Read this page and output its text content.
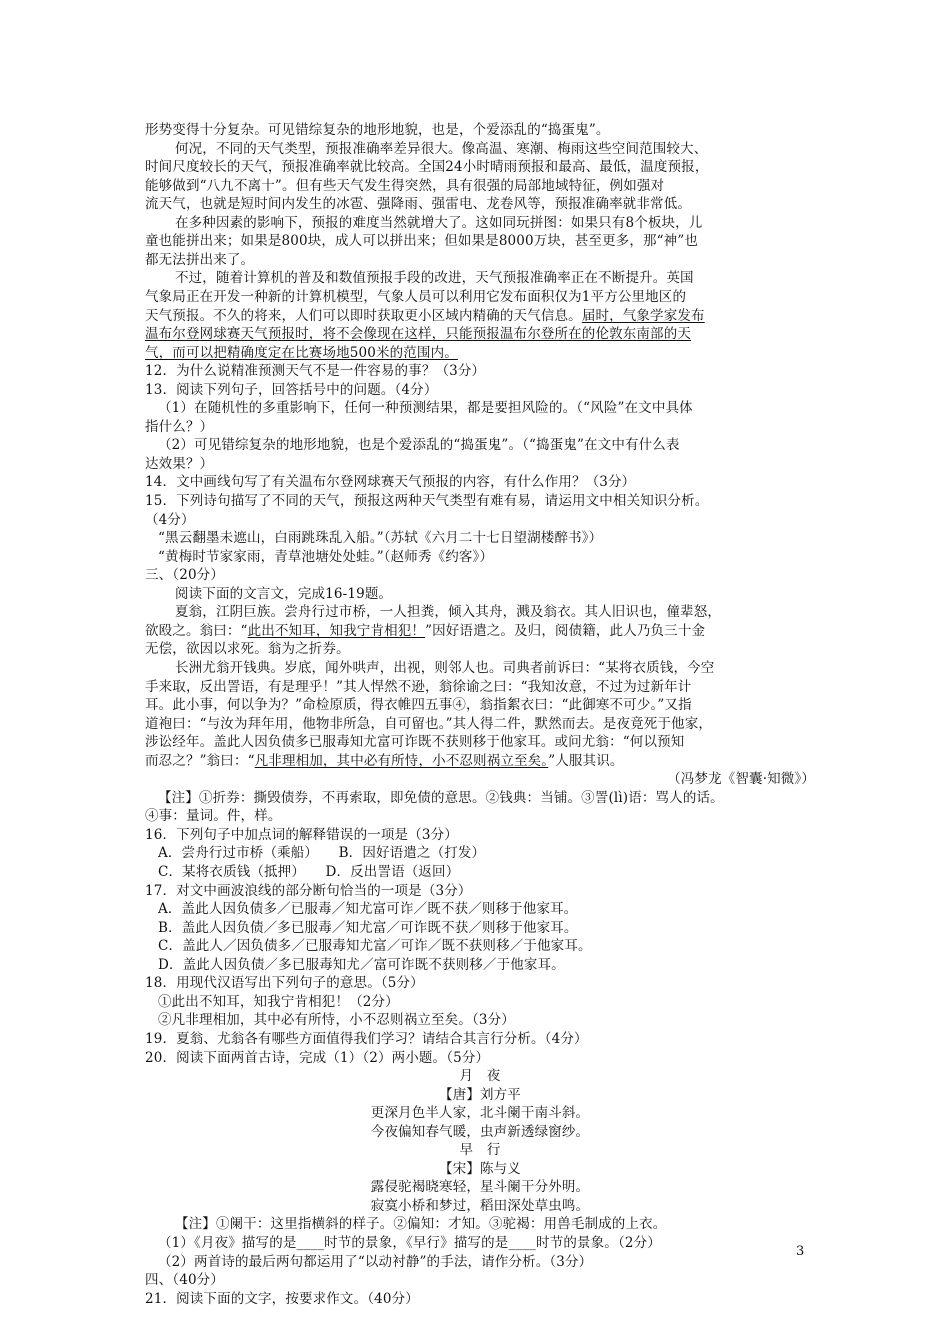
形势变得十分复杂。可见错综复杂的地形地貌，也是，个爱添乱的“捣蛋鬼”。
何况，不同的天气类型，预报准确率差异很大。像高温、寒潮、梅雨这些空间范围较大、
时间尺度较长的天气，预报准确率就比较高。全国24小时晴雨预报和最高、最低，温度预报，
能够做到“八九不离十”。但有些天气发生得突然，具有很强的局部地域特征，例如强对
流天气，也就是短时间内发生的冰雹、强降雨、强雷电、龙卷风等，预报准确率就非常低。
在多种因素的影响下，预报的难度当然就增大了。这如同玩拼图：如果只有8个板块，儿
童也能拼出来；如果是800块，成人可以拼出来；但如果是8000万块，甚至更多，那“神”也
都无法拼出来了。
不过，随着计算机的普及和数值预报手段的改进，天气预报准确率正在不断提升。英国
气象局正在开发一种新的计算机模型，气象人员可以利用它发布面积仅为1平方公里地区的
天气预报。不久的将来，人们可以即时获取更小区域内精确的天气信息。届时，气象学家发布
温布尔登网球赛天气预报时，将不会像现在这样，只能预报温布尔登所在的伦敦东南部的天
气，而可以把精确度定在比赛场地500米的范围内。
12．为什么说精准预测天气不是一件容易的事？（3分）
13．阅读下列句子，回答括号中的问题。（4分）
（1）在随机性的多重影响下，任何一种预测结果，都是要担风险的。（“风险”在文中具体
指什么？）
（2）可见错综复杂的地形地貌，也是个爱添乱的“捣蛋鬼”。（“捣蛋鬼”在文中有什么表
达效果？）
14．文中画线句写了有关温布尔登网球赛天气预报的内容，有什么作用？（3分）
15．下列诗句描写了不同的天气，预报这两种天气类型有难有易，请运用文中相关知识分析。
（4分）
“黑云翻墨未遮山，白雨跳珠乱入船。”（苏轼《六月二十七日望湖楼醉书》）
“黄梅时节家家雨，青草池塘处处蛙。”（赵师秀《约客》）
三、（20分）
阅读下面的文言文，完成16-19题。
夏翁，江阴巨族。尝舟行过市桥，一人担粪，倾入其舟，溅及翁衣。其人旧识也，僮辈怒，
欲殴之。翁曰：“此出不知耳，知我宁肯相犯！”因好语遣之。及归，阅债籍，此人乃负三十金
无偿，欲因以求死。翁为之折券。
长洲尤翁开钱典。岁底，闻外哄声，出视，则邻人也。司典者前诉曰：“某将衣质钱，今空
手来取，反出詈语，有是理乎！”其人悍然不逊，翁徐谕之曰：“我知汝意，不过为过新年计
耳。此小事，何以争为？”命检原质，得衣帷四五事④，翁指絮衣曰：“此御寒不可少。”又指
道袍曰：“与汝为拜年用，他物非所急，自可留也。”其人得二件，默然而去。是夜竟死于他家，
涉讼经年。盖此人因负债多已服毒知尤富可诈既不获则移于他家耳。或问尤翁：“何以预知
而忍之？”翁曰：“凡非理相加，其中必有所恃，小不忍则祸立至矣。”人服其识。
（冯梦龙《智囊·知微》）
【注】①折券：撕毁债券，不再索取，即免债的意思。②钱典：当铺。③詈(lì)语：骂人的话。
④事：量词。件，样。
16．下列句子中加点词的解释错误的一项是（3分）
A．尝舟行过市桥（乘船）　　B．因好语遣之（打发）
C．某将衣质钱（抵押）　　D．反出詈语（返回）
17．对文中画波浪线的部分断句恰当的一项是（3分）
A．盖此人因负债多／已服毒／知尤富可诈／既不获／则移于他家耳。
B．盖此人因负债／多已服毒／知尤富／可诈既不获／则移于他家耳。
C．盖此人／因负债多／已服毒知尤富／可诈／既不获则移／于他家耳。
D．盖此人因负债／多已服毒知尤／富可诈既不获则移／于他家耳。
18．用现代汉语写出下列句子的意思。（5分）
①此出不知耳，知我宁肯相犯！（2分）
②凡非理相加，其中必有所恃，小不忍则祸立至矣。（3分）
19．夏翁、尤翁各有哪些方面值得我们学习？请结合其言行分析。（4分）
20．阅读下面两首古诗，完成（1）（2）两小题。（5分）
月　夜
【唐】刘方平
更深月色半人家，北斗阑干南斗斜。
今夜偏知春气暖，虫声新透绿窗纱。
早　行
【宋】陈与义
露侵驼褐晓寒轻，星斗阑干分外明。
寂寞小桥和梦过，稻田深处草虫鸣。
【注】①阑干：这里指横斜的样子。②偏知：才知。③驼褐：用兽毛制成的上衣。
（1）《月夜》描写的是____时节的景象，《早行》描写的是____时节的景象。（2分）
（2）两首诗的最后两句都运用了“以动衬静”的手法，请作分析。（3分）
四、（40分）
21．阅读下面的文字，按要求作文。（40分）
3
